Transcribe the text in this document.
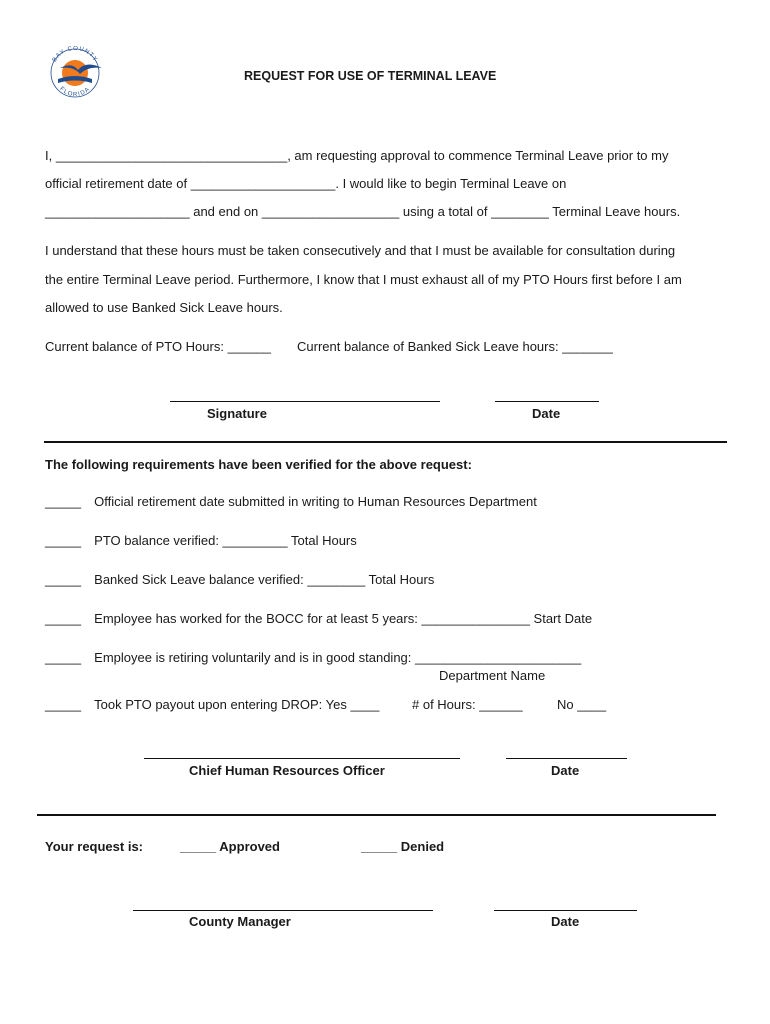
BAY COUNTY
FLORIDA
REQUEST FOR USE OF TERMINAL LEAVE
I, ________________________________, am requesting approval to commence Terminal Leave prior to my
official retirement date of ____________________. I would like to begin Terminal Leave on
____________________ and end on ___________________ using a total of ________ Terminal Leave hours.
I understand that these hours must be taken consecutively and that I must be available for consultation during
the entire Terminal Leave period. Furthermore, I know that I must exhaust all of my PTO Hours first before I am
allowed to use Banked Sick Leave hours.
Current balance of PTO Hours: ______ Current balance of Banked Sick Leave hours: _______
Signature	Date
The following requirements have been verified for the above request:
_____ Official retirement date submitted in writing to Human Resources Department
_____ PTO balance verified: _________ Total Hours
_____ Banked Sick Leave balance verified: ________ Total Hours
_____ Employee has worked for the BOCC for at least 5 years: _______________ Start Date
_____ Employee is retiring voluntarily and is in good standing: _______________________
Department Name
_____ Took PTO payout upon entering DROP: Yes ____	# of Hours: ______	No ____
Chief Human Resources Officer	Date
Your request is:	_____ Approved	_____ Denied
County Manager	Date
